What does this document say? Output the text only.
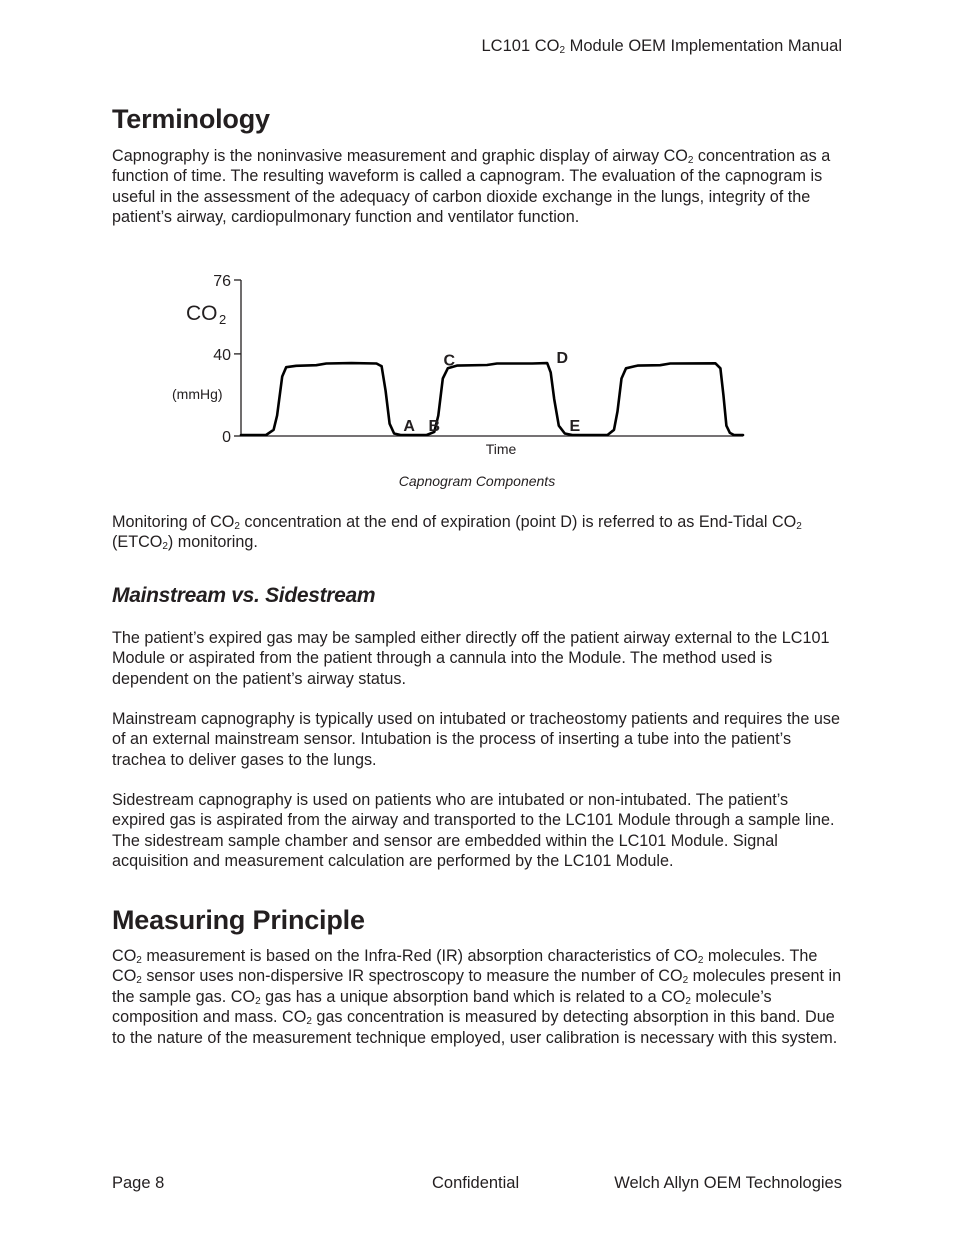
LC101 $CO_2$ Module OEM Implementation Manual
Terminology

Capnography is the noninvasive measurement and graphic display of airway $CO_2$ concentration as a function of time. The resulting waveform is called a capnogram. The evaluation of the capnogram is useful in the assessment of the adequacy of carbon dioxide exchange in the lungs, integrity of the patient’s airway, cardiopulmonary function and ventilator function.

CO 2
(mmHg)
Time
0
40
76
A B
C	D
E
Capnogram Components

Monitoring of $CO_2$ concentration at the end of expiration (point D) is referred to as End-Tidal $CO_2$ $(ETCO_2)$ monitoring.

Mainstream vs. Sidestream

The patient’s expired gas may be sampled either directly off the patient airway external to the LC101 Module or aspirated from the patient through a cannula into the Module. The method used is dependent on the patient’s airway status.

Mainstream capnography is typically used on intubated or tracheostomy patients and requires the use of an external mainstream sensor. Intubation is the process of inserting a tube into the patient’s trachea to deliver gases to the lungs.

Sidestream capnography is used on patients who are intubated or non-intubated. The patient’s expired gas is aspirated from the airway and transported to the LC101 Module through a sample line. The sidestream sample chamber and sensor are embedded within the LC101 Module. Signal acquisition and measurement calculation are performed by the LC101 Module.

Measuring Principle

$CO_2$ measurement is based on the Infra-Red (IR) absorption characteristics of $CO_2$ molecules. The $CO_2$ sensor uses non-dispersive IR spectroscopy to measure the number of $CO_2$ molecules present in the sample gas. $CO_2$ gas has a unique absorption band which is related to a $CO_2$ molecule’s composition and mass. $CO_2$ gas concentration is measured by detecting absorption in this band. Due to the nature of the measurement technique employed, user calibration is necessary with this system.

Page 8	Confidential	Welch Allyn OEM Technologies
